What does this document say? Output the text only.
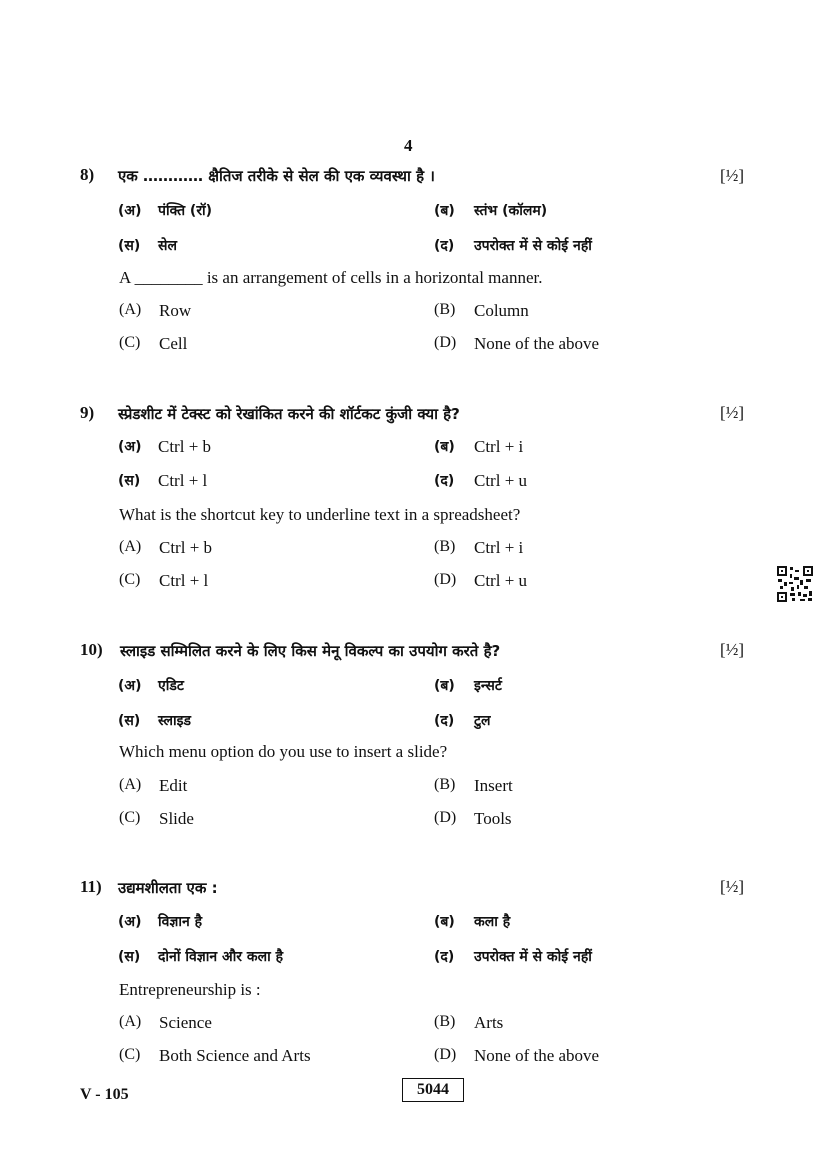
4
8) एक ………… क्षैतिज तरीके से सेल की एक व्यवस्था है ।	[½]
(अ)	पंक्ति (रॉ)	(ब)	स्तंभ (कॉलम)
(स)	सेल	(द)	उपरोक्त में से कोई नहीं
A ________ is an arrangement of cells in a horizontal manner.
(A)	Row	(B)	Column
(C)	Cell	(D)	None of the above
9) स्प्रेडशीट में टेक्स्ट को रेखांकित करने की शॉर्टकट कुंजी क्या है?	[½]
(अ) Ctrl + b	(ब)	Ctrl + i
(स)	Ctrl + l	(द)	Ctrl + u
What is the shortcut key to underline text in a spreadsheet?
(A)	Ctrl + b	(B)	Ctrl + i
(C)	Ctrl + l	(D)	Ctrl + u
10) स्लाइड सम्मिलित करने के लिए किस मेनू विकल्प का उपयोग करते है?	[½]
(अ)	एडिट	(ब)	इन्सर्ट
(स)	स्लाइड	(द)	टुल
Which menu option do you use to insert a slide?
(A)	Edit	(B)	Insert
(C)	Slide	(D)	Tools
11) उद्यमशीलता एक :	[½]
(अ)	विज्ञान है	(ब)	कला है
(स)	दोनों विज्ञान और कला है	(द)	उपरोक्त में से कोई नहीं
Entrepreneurship is :
(A)	Science	(B)	Arts
(C)	Both Science and Arts	(D)	None of the above
V - 105	5044
